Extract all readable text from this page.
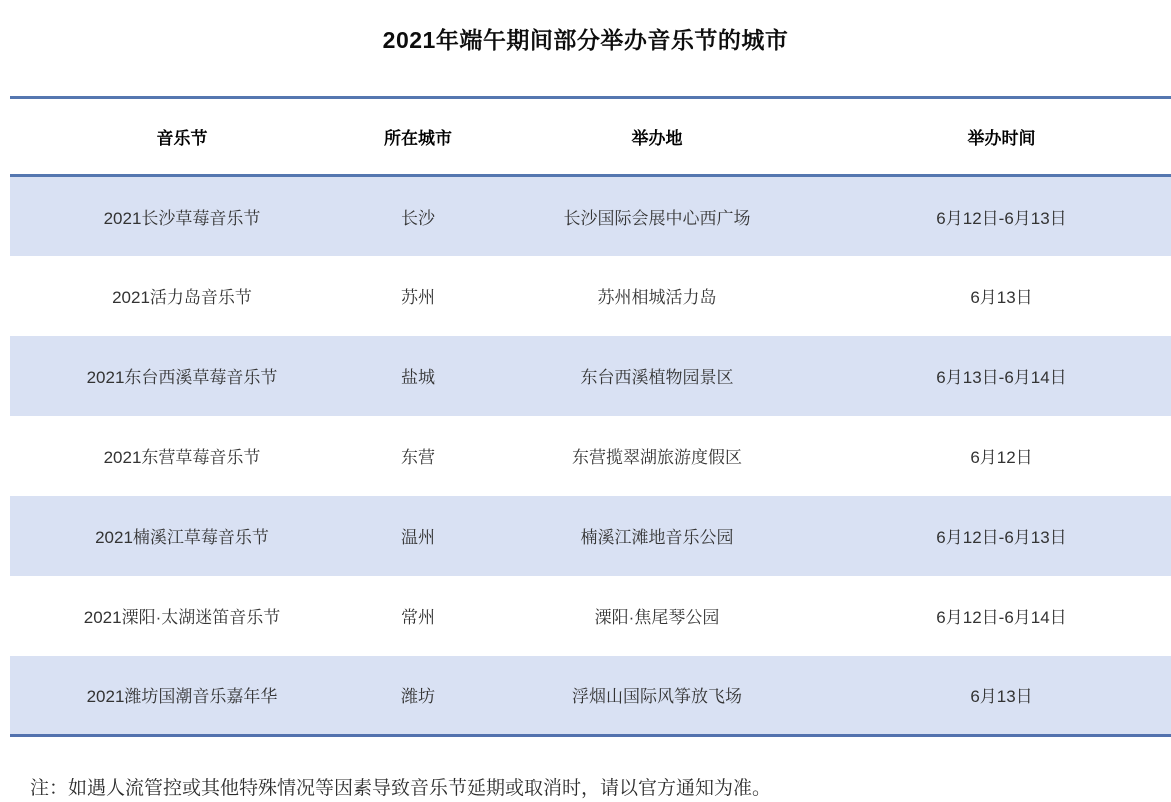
2021年端午期间部分举办音乐节的城市
音乐节	所在城市	举办地	举办时间
2021长沙草莓音乐节	长沙	长沙国际会展中心西广场	6月12日-6月13日
2021活力岛音乐节	苏州	苏州相城活力岛	6月13日
2021东台西溪草莓音乐节	盐城	东台西溪植物园景区	6月13日-6月14日
2021东营草莓音乐节	东营	东营揽翠湖旅游度假区	6月12日
2021楠溪江草莓音乐节	温州	楠溪江滩地音乐公园	6月12日-6月13日
2021溧阳·太湖迷笛音乐节	常州	溧阳·焦尾琴公园	6月12日-6月14日
2021潍坊国潮音乐嘉年华	潍坊	浮烟山国际风筝放飞场	6月13日
注：如遇人流管控或其他特殊情况等因素导致音乐节延期或取消时，请以官方通知为准。
